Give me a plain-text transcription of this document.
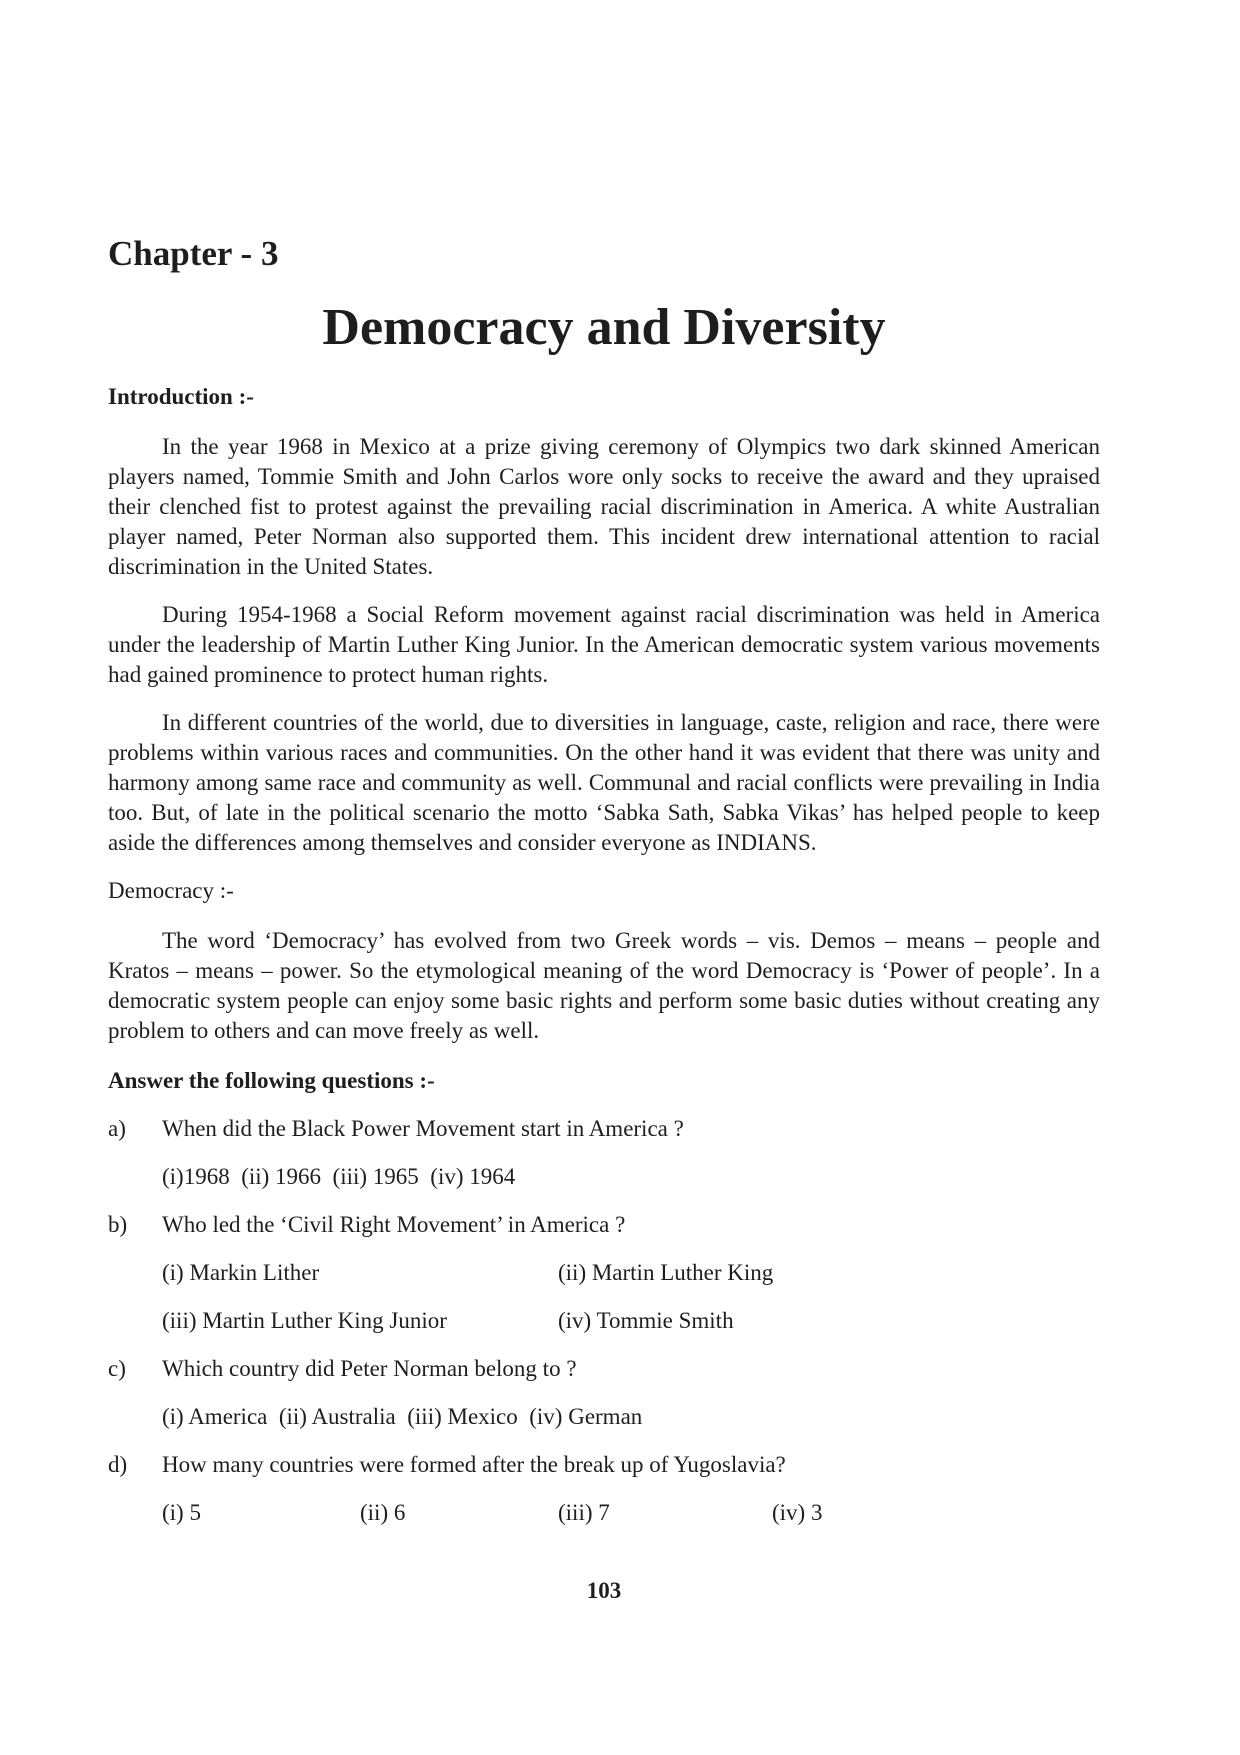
Chapter - 3
Democracy and Diversity

Introduction :-

In the year 1968 in Mexico at a prize giving ceremony of Olympics two dark skinned American players named, Tommie Smith and John Carlos wore only socks to receive the award and they upraised their clenched fist to protest against the prevailing racial discrimination in America. A white Australian player named, Peter Norman also supported them. This incident drew international attention to racial discrimination in the United States.

During 1954-1968 a Social Reform movement against racial discrimination was held in America under the leadership of Martin Luther King Junior. In the American democratic system various movements had gained prominence to protect human rights.

In different countries of the world, due to diversities in language, caste, religion and race, there were problems within various races and communities. On the other hand it was evident that there was unity and harmony among same race and community as well. Communal and racial conflicts were prevailing in India too. But, of late in the political scenario the motto ‘Sabka Sath, Sabka Vikas’ has helped people to keep aside the differences among themselves and consider everyone as INDIANS.

Democracy :-

The word ‘Democracy’ has evolved from two Greek words – vis. Demos – means – people and Kratos – means – power. So the etymological meaning of the word Democracy is ‘Power of people’. In a democratic system people can enjoy some basic rights and perform some basic duties without creating any problem to others and can move freely as well.

Answer the following questions :-

a)	When did the Black Power Movement start in America ?
(i)1968  (ii) 1966  (iii) 1965  (iv) 1964
b)	Who led the ‘Civil Right Movement’ in America ?
(i) Markin Lither	(ii) Martin Luther King
(iii) Martin Luther King Junior	(iv) Tommie Smith
c)	Which country did Peter Norman belong to ?
(i) America  (ii) Australia  (iii) Mexico  (iv) German
d)	How many countries were formed after the break up of Yugoslavia?
(i) 5	(ii) 6	(iii) 7	(iv) 3
103
